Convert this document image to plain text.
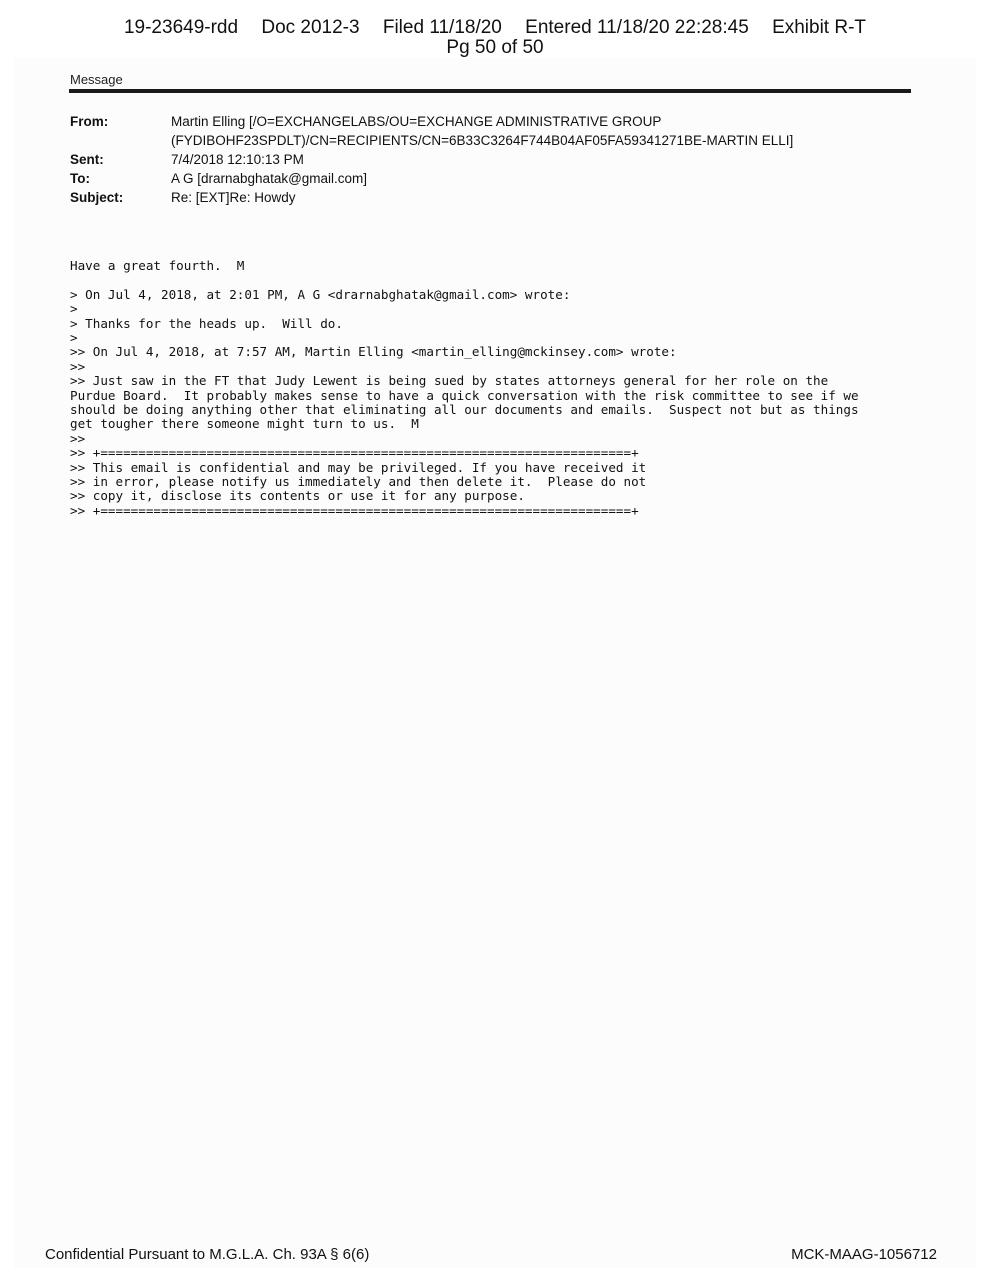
19-23649-rdd Doc 2012-3 Filed 11/18/20 Entered 11/18/20 22:28:45 Exhibit R-T
Pg 50 of 50
Message
From:	Martin Elling [/O=EXCHANGELABS/OU=EXCHANGE ADMINISTRATIVE GROUP
(FYDIBOHF23SPDLT)/CN=RECIPIENTS/CN=6B33C3264F744B04AF05FA59341271BE-MARTIN ELLI]
Sent:	7/4/2018 12:10:13 PM
To:	A G [drarnabghatak@gmail.com]
Subject:	Re: [EXT]Re: Howdy
Have a great fourth.  M
> On Jul 4, 2018, at 2:01 PM, A G <drarnabghatak@gmail.com> wrote:
>
> Thanks for the heads up.  Will do.
>
>> On Jul 4, 2018, at 7:57 AM, Martin Elling <martin_elling@mckinsey.com> wrote:
>>
>> Just saw in the FT that Judy Lewent is being sued by states attorneys general for her role on the
Purdue Board.  It probably makes sense to have a quick conversation with the risk committee to see if we
should be doing anything other that eliminating all our documents and emails.  Suspect not but as things
get tougher there someone might turn to us.  M
>>
>> +======================================================================+
>> This email is confidential and may be privileged. If you have received it
>> in error, please notify us immediately and then delete it.  Please do not
>> copy it, disclose its contents or use it for any purpose.
>> +======================================================================+
Confidential Pursuant to M.G.L.A. Ch. 93A § 6(6)	MCK-MAAG-1056712
